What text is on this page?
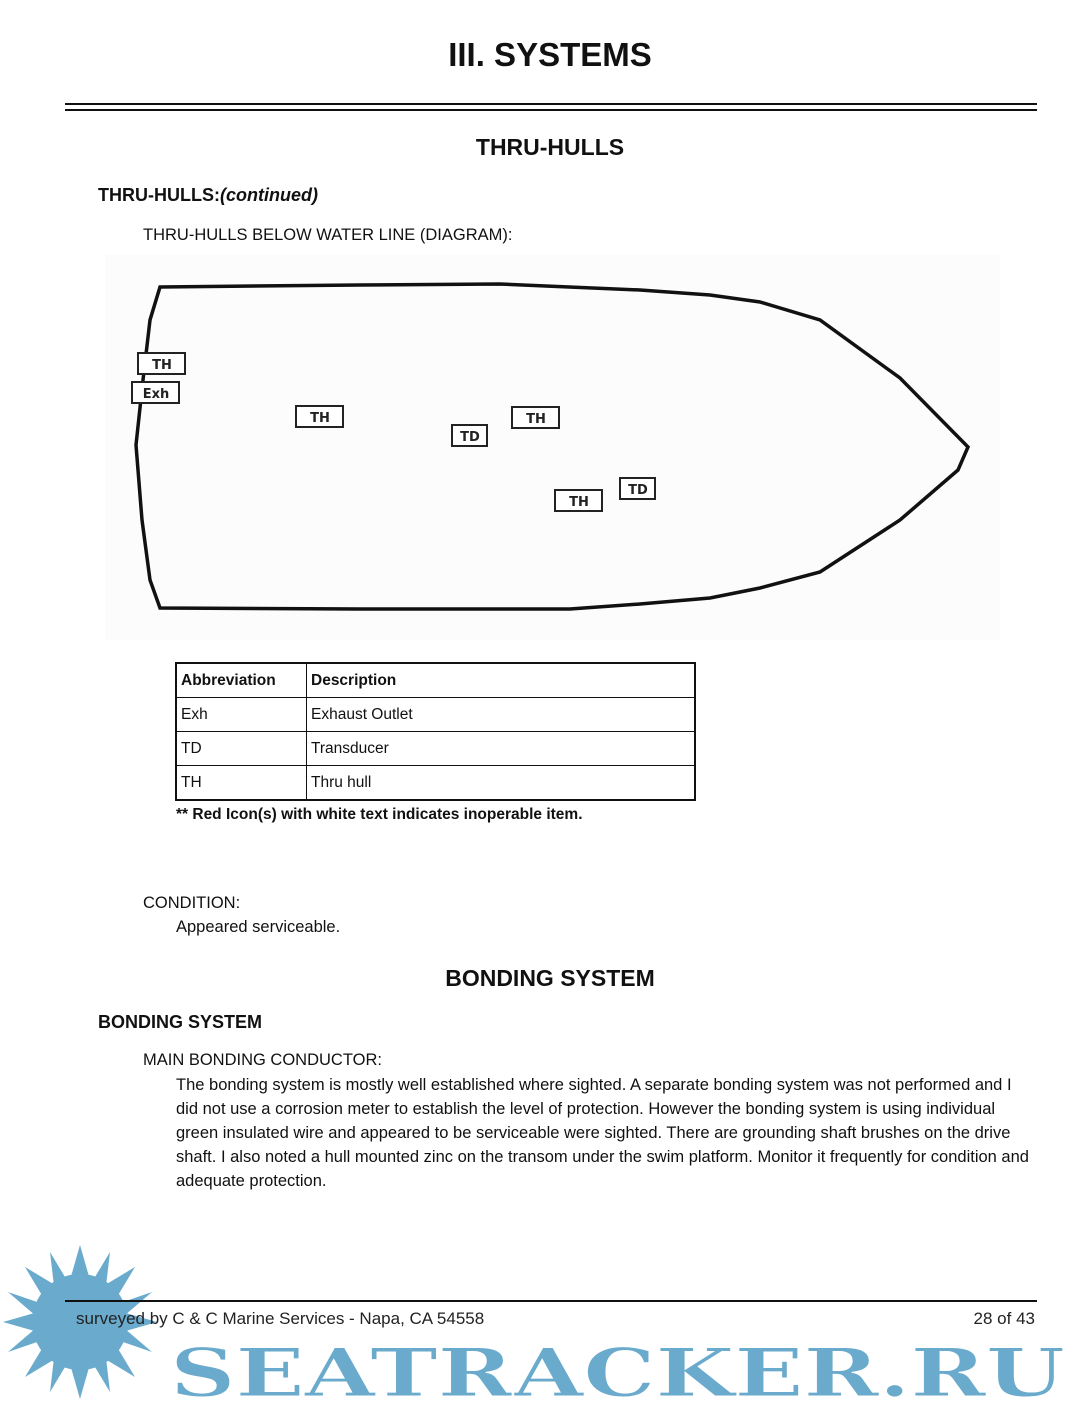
III. SYSTEMS
THRU-HULLS
THRU-HULLS:(continued)
THRU-HULLS BELOW WATER LINE (DIAGRAM):
TH
Exh
TH
TD
TH
TH
TD
Abbreviation	Description
Exh	Exhaust Outlet
TD	Transducer
TH	Thru hull
** Red Icon(s) with white text indicates inoperable item.
CONDITION:
Appeared serviceable.
BONDING SYSTEM
BONDING SYSTEM
MAIN BONDING CONDUCTOR:
The bonding system is mostly well established where sighted. A separate bonding system was not performed and I did not use a corrosion meter to establish the level of protection. However the bonding system is using individual green insulated wire and appeared to be serviceable were sighted. There are grounding shaft brushes on the drive shaft. I also noted a hull mounted zinc on the transom under the swim platform. Monitor it frequently for condition and adequate protection.
SEATRACKER.RU
surveyed by C & C Marine Services - Napa, CA 54558	28 of 43
